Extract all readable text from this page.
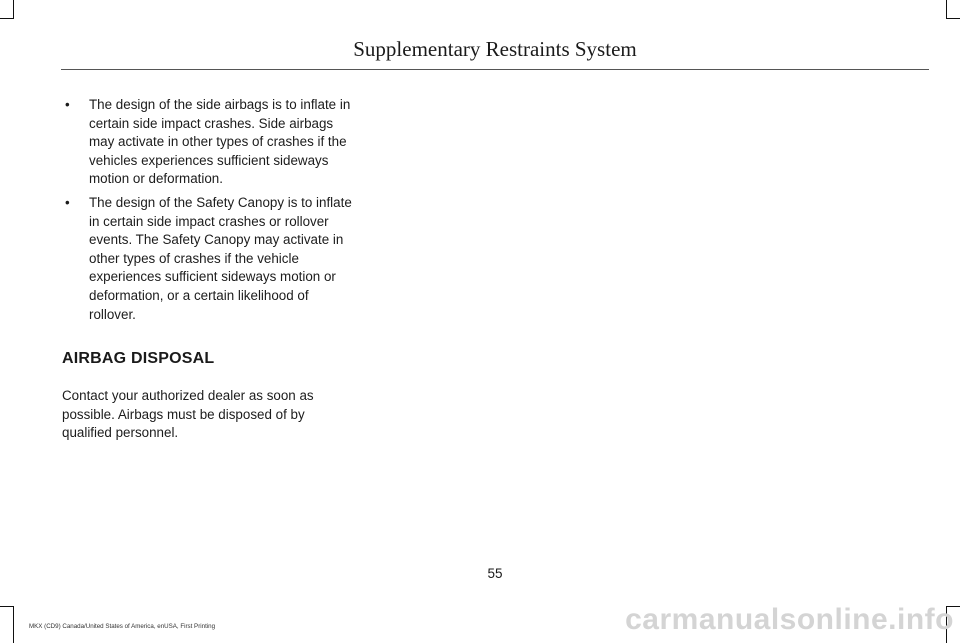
Supplementary Restraints System
• The design of the side airbags is to inflate in certain side impact crashes. Side airbags may activate in other types of crashes if the vehicles experiences sufficient sideways motion or deformation.
• The design of the Safety Canopy is to inflate in certain side impact crashes or rollover events. The Safety Canopy may activate in other types of crashes if the vehicle experiences sufficient sideways motion or deformation, or a certain likelihood of rollover.
AIRBAG DISPOSAL

Contact your authorized dealer as soon as possible. Airbags must be disposed of by qualified personnel.

55
MKX (CD9) Canada/United States of America, enUSA, First Printing	carmanualsonline.info
